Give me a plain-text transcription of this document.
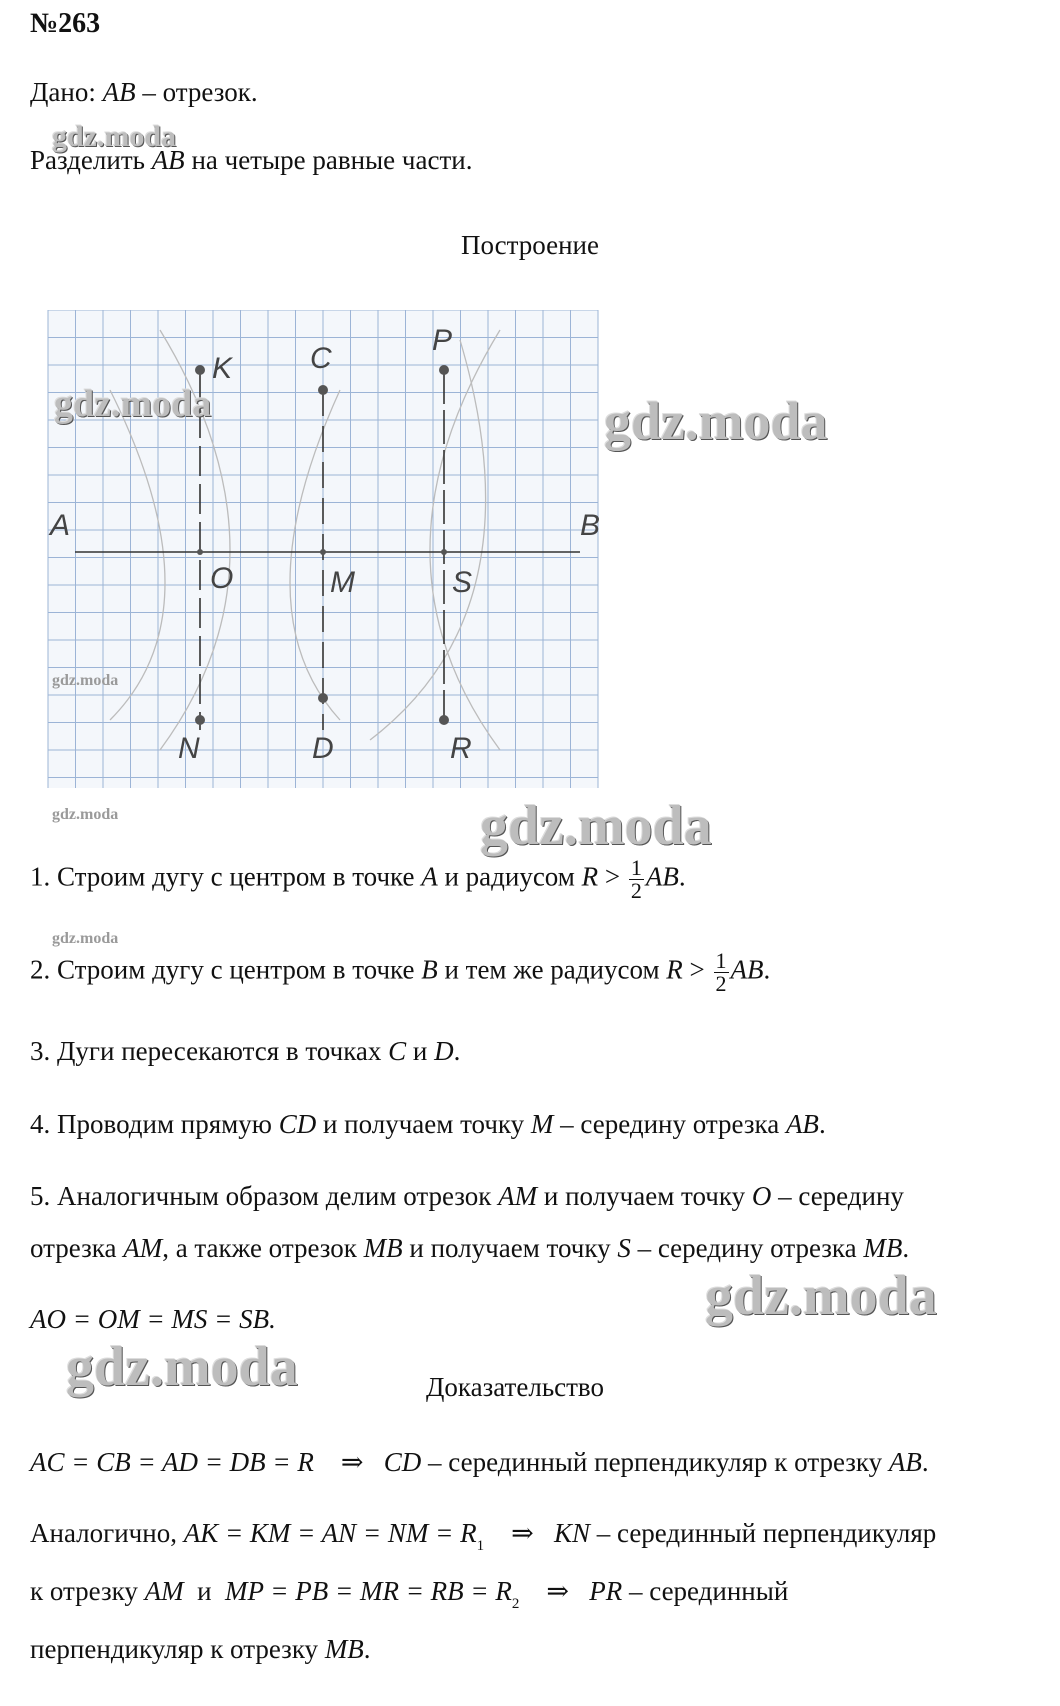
№263
Дано: AB – отрезок.
Разделить AB на четыре равные части.
Построение
A	B
K	C
P
O	M	S
N	D	R
1. Строим дугу с центром в точке A и радиусом $R > \frac{1}{2}$ AB.
2. Строим дугу с центром в точке B и тем же радиусом $R > \frac{1}{2}$ AB.
3. Дуги пересекаются в точках C и D.
4. Проводим прямую CD и получаем точку M – середину отрезка AB.
5. Аналогичным образом делим отрезок AM и получаем точку O – середину
отрезка AM, а также отрезок MB и получаем точку S – середину отрезка MB.
AO = OM = MS = SB.
Доказательство
AC = CB = AD = DB = R ⇒ CD – серединный перпендикуляр к отрезку AB.
Аналогично, AK = KM = AN = NM = $R_1$ ⇒ KN – серединный перпендикуляр
к отрезку AM  и  MP = PB = MR = RB = $R_2$ ⇒ PR – серединный
перпендикуляр к отрезку MB.
gdz.moda
gdz.moda	gdz.moda
gdz.moda
gdz.moda	gdz.moda
gdz.moda
gdz.moda
gdz.moda
